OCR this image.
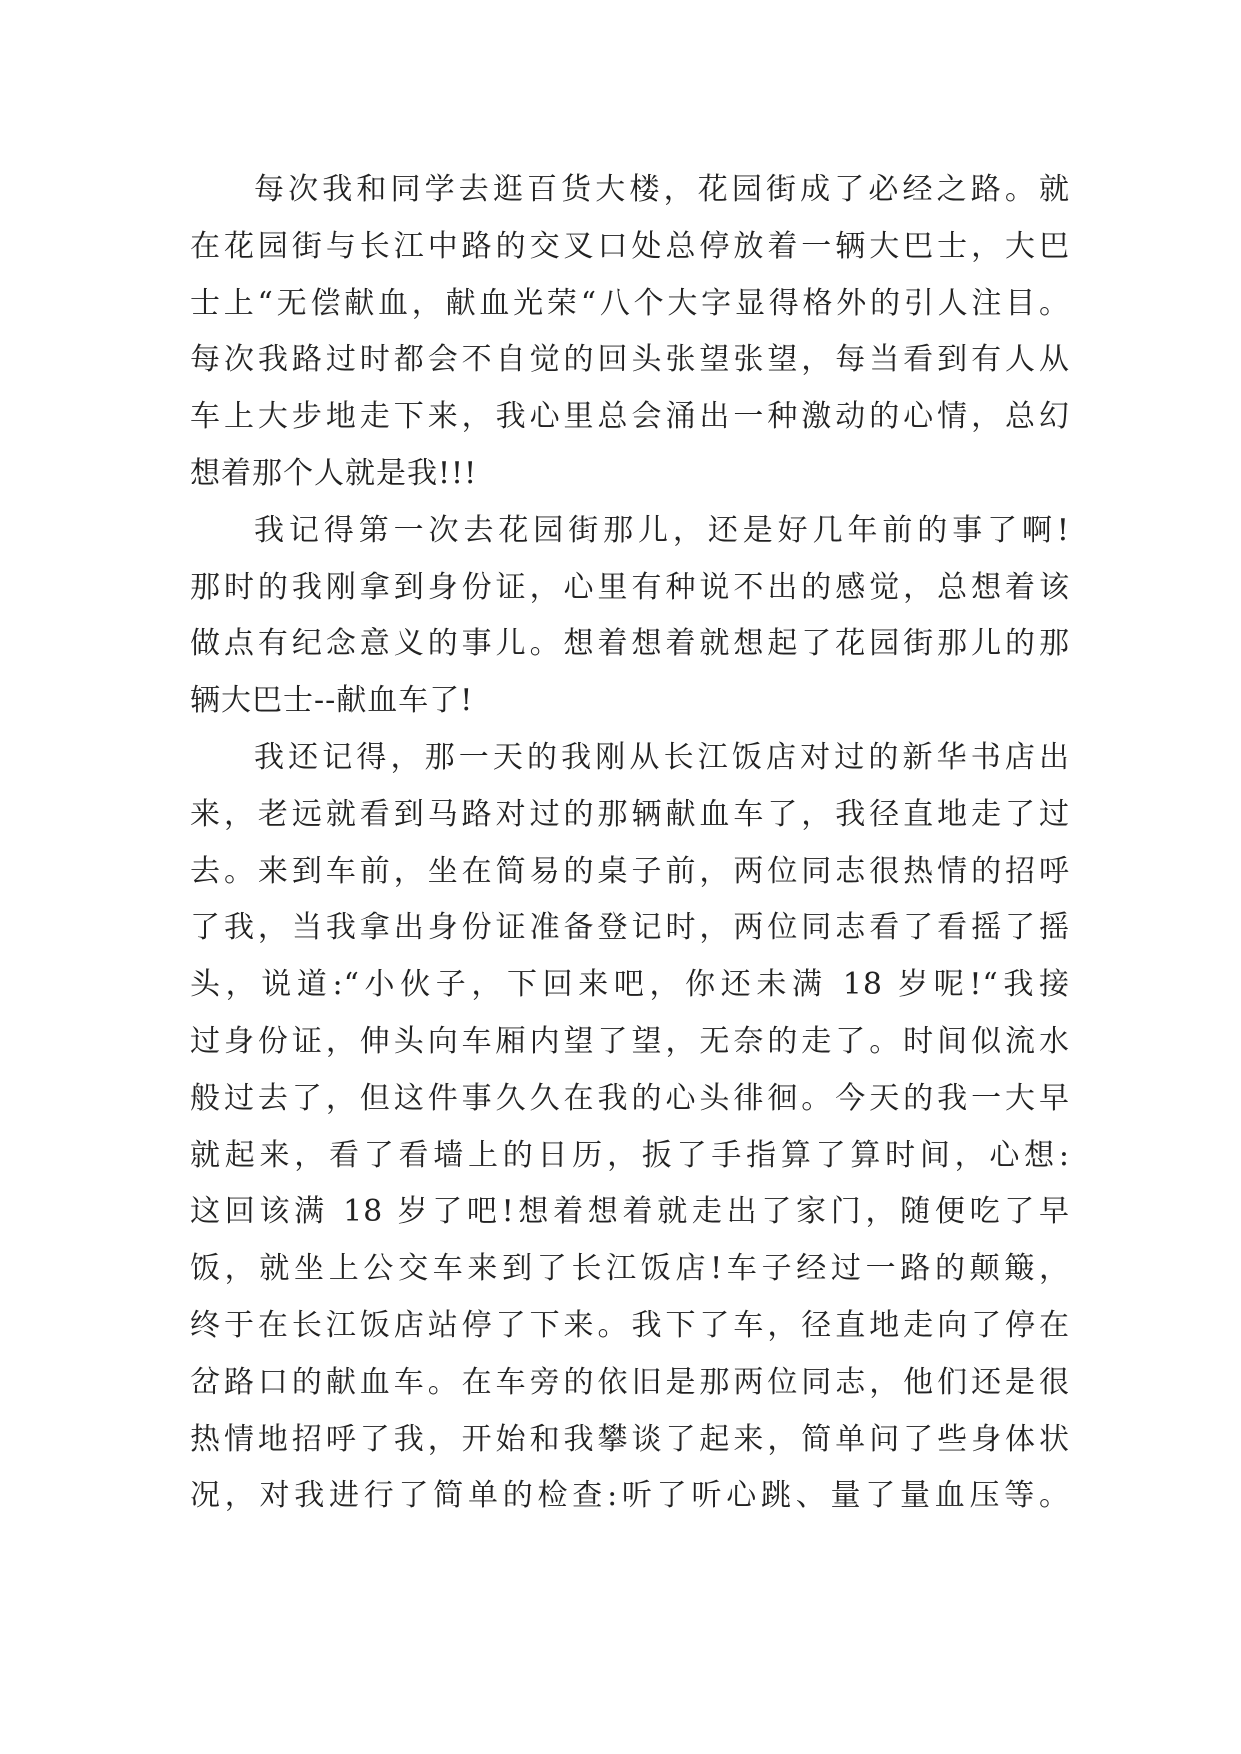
每次我和同学去逛百货大楼，花园街成了必经之路。就
在花园街与长江中路的交叉口处总停放着一辆大巴士，大巴
士上“无偿献血，献血光荣“八个大字显得格外的引人注目。
每次我路过时都会不自觉的回头张望张望，每当看到有人从
车上大步地走下来，我心里总会涌出一种激动的心情，总幻
想着那个人就是我!!!
我记得第一次去花园街那儿，还是好几年前的事了啊!
那时的我刚拿到身份证，心里有种说不出的感觉，总想着该
做点有纪念意义的事儿。想着想着就想起了花园街那儿的那
辆大巴士--献血车了!
我还记得，那一天的我刚从长江饭店对过的新华书店出
来，老远就看到马路对过的那辆献血车了，我径直地走了过
去。来到车前，坐在简易的桌子前，两位同志很热情的招呼
了我，当我拿出身份证准备登记时，两位同志看了看摇了摇
头，说道:“小伙子，下回来吧，你还未满 18 岁呢!“我接
过身份证，伸头向车厢内望了望，无奈的走了。时间似流水
般过去了，但这件事久久在我的心头徘徊。今天的我一大早
就起来，看了看墙上的日历，扳了手指算了算时间，心想:
这回该满 18 岁了吧!想着想着就走出了家门，随便吃了早
饭，就坐上公交车来到了长江饭店!车子经过一路的颠簸，
终于在长江饭店站停了下来。我下了车，径直地走向了停在
岔路口的献血车。在车旁的依旧是那两位同志，他们还是很
热情地招呼了我，开始和我攀谈了起来，简单问了些身体状
况，对我进行了简单的检查:听了听心跳、量了量血压等。
